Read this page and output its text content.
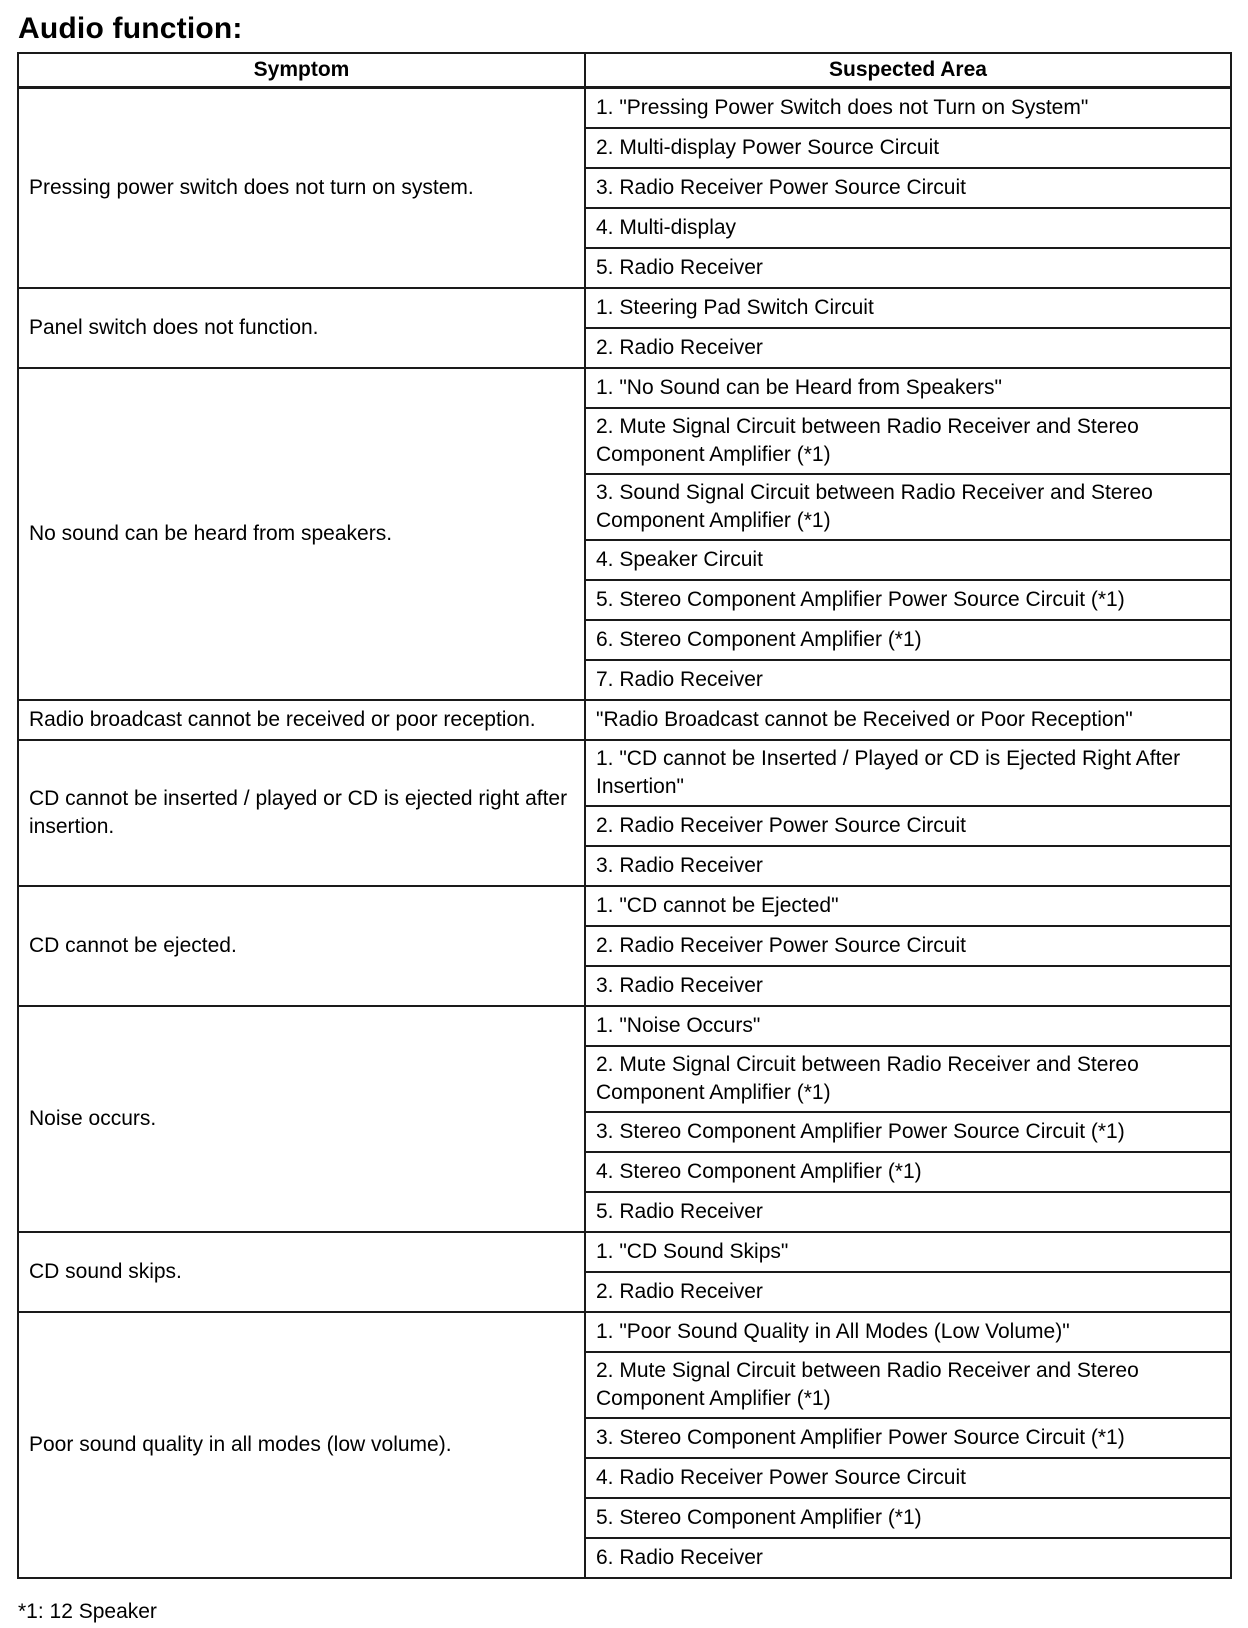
Audio function:
Symptom	Suspected Area
Pressing power switch does not turn on system.	1. "Pressing Power Switch does not Turn on System"
	2. Multi-display Power Source Circuit
	3. Radio Receiver Power Source Circuit
	4. Multi-display
	5. Radio Receiver
Panel switch does not function.	1. Steering Pad Switch Circuit
	2. Radio Receiver
No sound can be heard from speakers.	1. "No Sound can be Heard from Speakers"
	2. Mute Signal Circuit between Radio Receiver and Stereo Component Amplifier (*1)
	3. Sound Signal Circuit between Radio Receiver and Stereo Component Amplifier (*1)
	4. Speaker Circuit
	5. Stereo Component Amplifier Power Source Circuit (*1)
	6. Stereo Component Amplifier (*1)
	7. Radio Receiver
Radio broadcast cannot be received or poor reception.	"Radio Broadcast cannot be Received or Poor Reception"
CD cannot be inserted / played or CD is ejected right after insertion.	1. "CD cannot be Inserted / Played or CD is Ejected Right After Insertion"
	2. Radio Receiver Power Source Circuit
	3. Radio Receiver
CD cannot be ejected.	1. "CD cannot be Ejected"
	2. Radio Receiver Power Source Circuit
	3. Radio Receiver
Noise occurs.	1. "Noise Occurs"
	2. Mute Signal Circuit between Radio Receiver and Stereo Component Amplifier (*1)
	3. Stereo Component Amplifier Power Source Circuit (*1)
	4. Stereo Component Amplifier (*1)
	5. Radio Receiver
CD sound skips.	1. "CD Sound Skips"
	2. Radio Receiver
Poor sound quality in all modes (low volume).	1. "Poor Sound Quality in All Modes (Low Volume)"
	2. Mute Signal Circuit between Radio Receiver and Stereo Component Amplifier (*1)
	3. Stereo Component Amplifier Power Source Circuit (*1)
	4. Radio Receiver Power Source Circuit
	5. Stereo Component Amplifier (*1)
	6. Radio Receiver
*1: 12 Speaker
